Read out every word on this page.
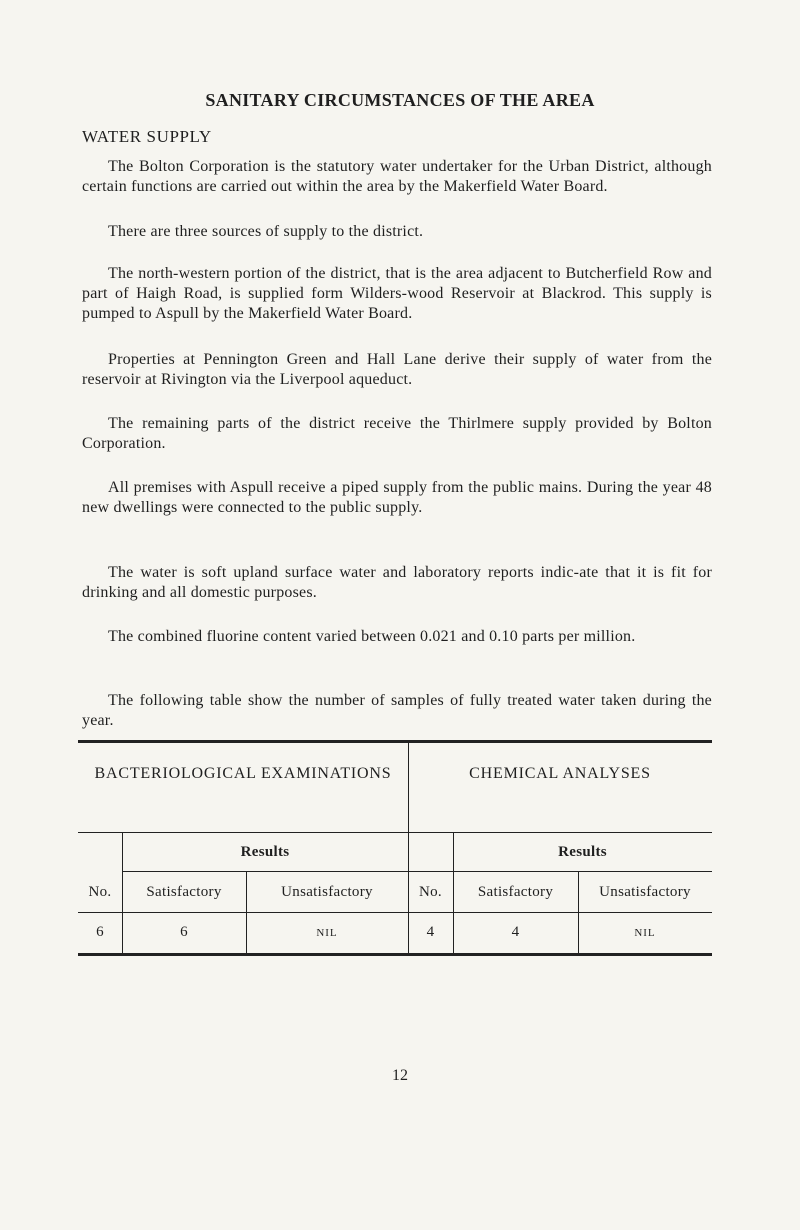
SANITARY CIRCUMSTANCES OF THE AREA
WATER SUPPLY

The Bolton Corporation is the statutory water undertaker for the Urban District, although certain functions are carried out within the area by the Makerfield Water Board.

There are three sources of supply to the district.

The north-western portion of the district, that is the area adjacent to Butcherfield Row and part of Haigh Road, is supplied form Wilders-wood Reservoir at Blackrod. This supply is pumped to Aspull by the Makerfield Water Board.

Properties at Pennington Green and Hall Lane derive their supply of water from the reservoir at Rivington via the Liverpool aqueduct.

The remaining parts of the district receive the Thirlmere supply provided by Bolton Corporation.

All premises with Aspull receive a piped supply from the public mains. During the year 48 new dwellings were connected to the public supply.

The water is soft upland surface water and laboratory reports indic-ate that it is fit for drinking and all domestic purposes.

The combined fluorine content varied between 0.021 and 0.10 parts per million.

The following table show the number of samples of fully treated water taken during the year.

BACTERIOLOGICAL EXAMINATIONS	CHEMICAL ANALYSES
Results	Results
No.	Satisfactory	Unsatisfactory	No.	Satisfactory	Unsatisfactory
6	6	NIL	4	4	NIL
12
